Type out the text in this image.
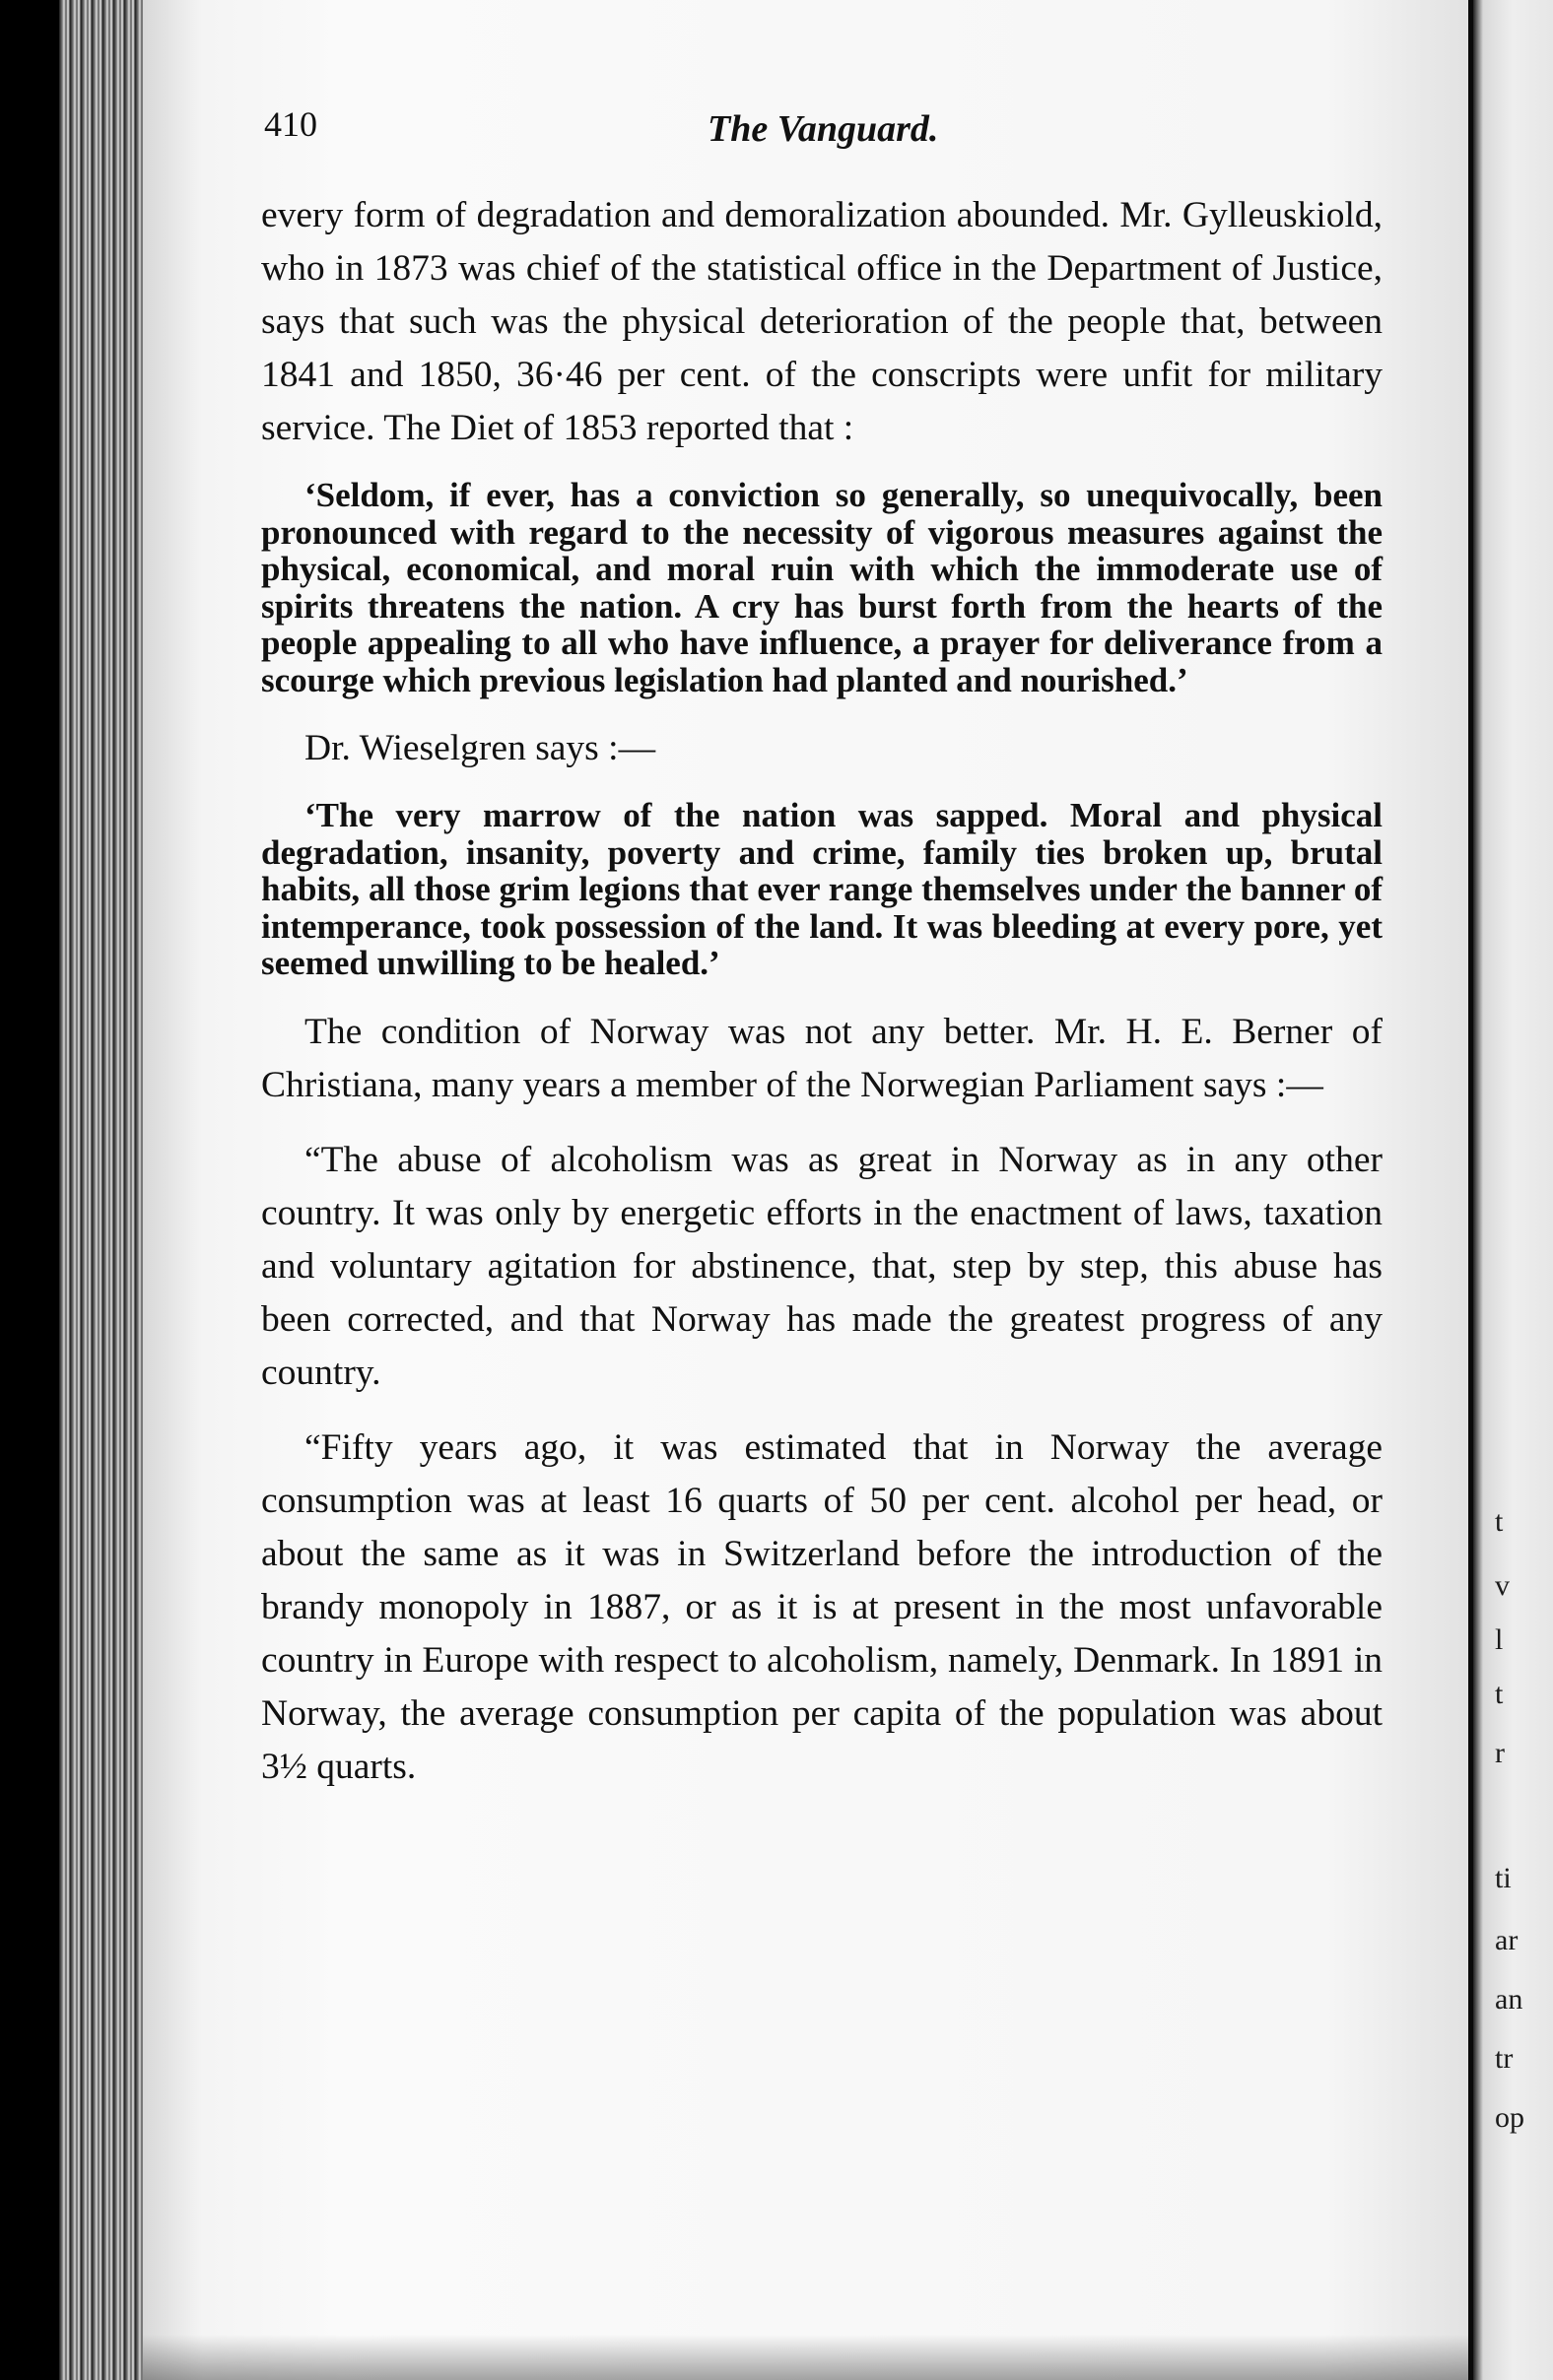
t
v
l
t
r
ti
ar
an
tr
op
410	The Vanguard.

every form of degradation and demoralization abounded. Mr. Gylleuskiold, who in 1873 was chief of the statistical office in the Department of Justice, says that such was the physical deterioration of the people that, between 1841 and 1850, 36·46 per cent. of the conscripts were unfit for military service. The Diet of 1853 reported that :

‘Seldom, if ever, has a conviction so generally, so unequivocally, been pronounced with regard to the necessity of vigorous measures against the physical, economical, and moral ruin with which the immoderate use of spirits threatens the nation. A cry has burst forth from the hearts of the people appealing to all who have influence, a prayer for deliverance from a scourge which previous legislation had planted and nourished.’

Dr. Wieselgren says :—

‘The very marrow of the nation was sapped. Moral and physical degradation, insanity, poverty and crime, family ties broken up, brutal habits, all those grim legions that ever range themselves under the banner of intemperance, took possession of the land. It was bleeding at every pore, yet seemed unwilling to be healed.’

The condition of Norway was not any better. Mr. H. E. Berner of Christiana, many years a member of the Norwegian Parliament says :—

“The abuse of alcoholism was as great in Norway as in any other country. It was only by energetic efforts in the enactment of laws, taxation and voluntary agitation for abstinence, that, step by step, this abuse has been corrected, and that Norway has made the greatest progress of any country.

“Fifty years ago, it was estimated that in Norway the average consumption was at least 16 quarts of 50 per cent. alcohol per head, or about the same as it was in Switzerland before the introduction of the brandy monopoly in 1887, or as it is at present in the most unfavorable country in Europe with respect to alcoholism, namely, Denmark. In 1891 in Norway, the average consumption per capita of the population was about 3½ quarts.
